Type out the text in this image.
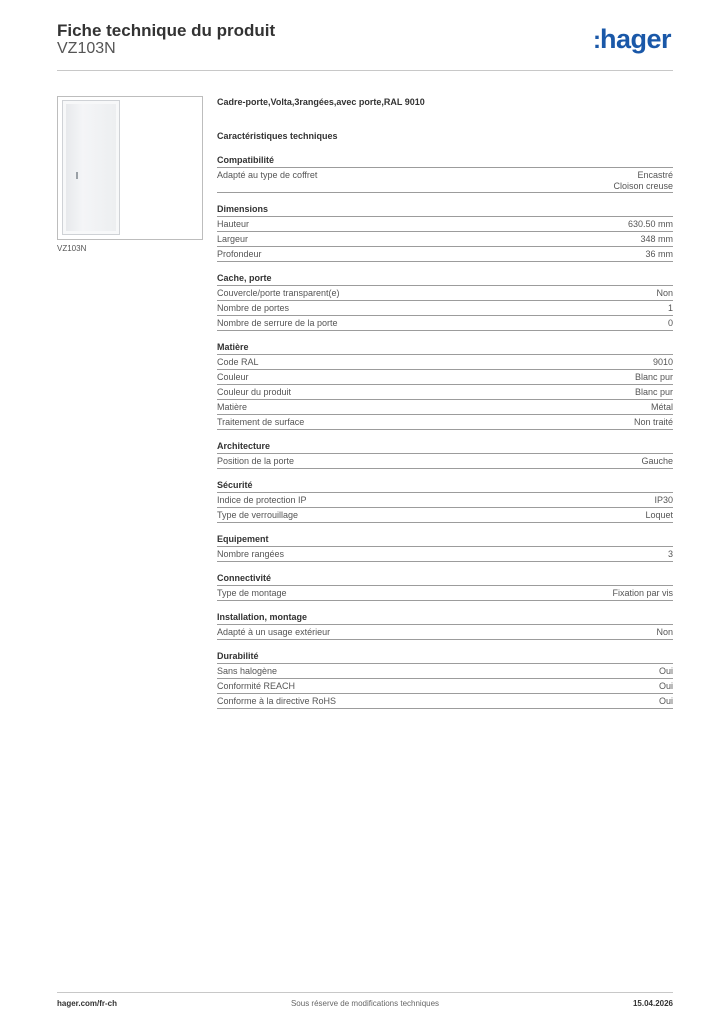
Fiche technique du produit
VZ103N	:hager
VZ103N
Cadre-porte,Volta,3rangées,avec porte,RAL 9010
Caractéristiques techniques
Compatibilité
Adapté au type de coffret	Encastré
Cloison creuse
Dimensions
Hauteur	630.50 mm
Largeur	348 mm
Profondeur	36 mm
Cache, porte
Couvercle/porte transparent(e)	Non
Nombre de portes	1
Nombre de serrure de la porte	0
Matière
Code RAL	9010
Couleur	Blanc pur
Couleur du produit	Blanc pur
Matière	Métal
Traitement de surface	Non traité
Architecture
Position de la porte	Gauche
Sécurité
Indice de protection IP	IP30
Type de verrouillage	Loquet
Equipement
Nombre rangées	3
Connectivité
Type de montage	Fixation par vis
Installation, montage
Adapté à un usage extérieur	Non
Durabilité
Sans halogène	Oui
Conformité REACH	Oui
Conforme à la directive RoHS	Oui
hager.com/fr-ch	Sous réserve de modifications techniques	15.04.2026
